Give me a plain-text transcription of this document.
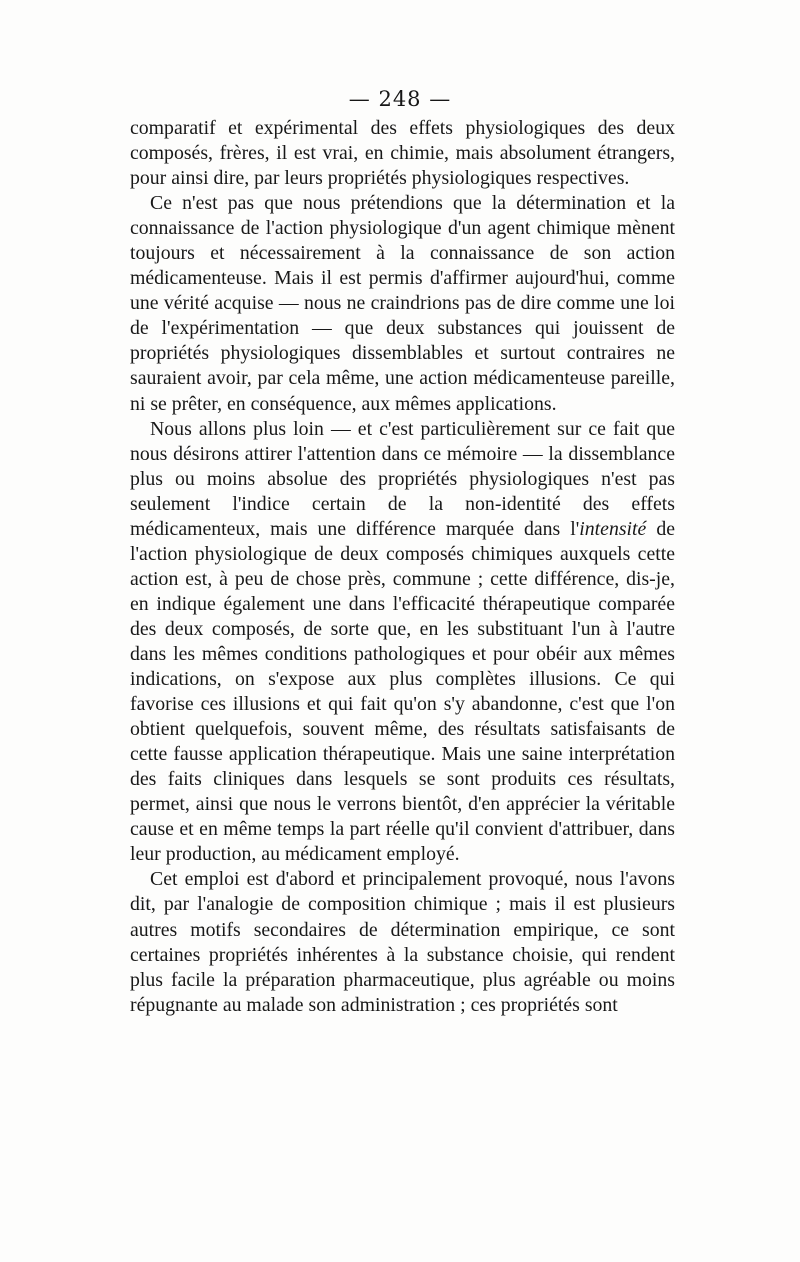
— 248 —

comparatif et expérimental des effets physiologiques des deux composés, frères, il est vrai, en chimie, mais absolument étrangers, pour ainsi dire, par leurs propriétés physiologiques respectives.

Ce n'est pas que nous prétendions que la détermination et la connaissance de l'action physiologique d'un agent chimique mènent toujours et nécessairement à la connaissance de son action médicamenteuse. Mais il est permis d'affirmer aujourd'hui, comme une vérité acquise — nous ne craindrions pas de dire comme une loi de l'expérimentation — que deux substances qui jouissent de propriétés physiologiques dissemblables et surtout contraires ne sauraient avoir, par cela même, une action médicamenteuse pareille, ni se prêter, en conséquence, aux mêmes applications.

Nous allons plus loin — et c'est particulièrement sur ce fait que nous désirons attirer l'attention dans ce mémoire — la dissemblance plus ou moins absolue des propriétés physiologiques n'est pas seulement l'indice certain de la non-identité des effets médicamenteux, mais une différence marquée dans l'intensité de l'action physiologique de deux composés chimiques auxquels cette action est, à peu de chose près, commune ; cette différence, dis-je, en indique également une dans l'efficacité thérapeutique comparée des deux composés, de sorte que, en les substituant l'un à l'autre dans les mêmes conditions pathologiques et pour obéir aux mêmes indications, on s'expose aux plus complètes illusions. Ce qui favorise ces illusions et qui fait qu'on s'y abandonne, c'est que l'on obtient quelquefois, souvent même, des résultats satisfaisants de cette fausse application thérapeutique. Mais une saine interprétation des faits cliniques dans lesquels se sont produits ces résultats, permet, ainsi que nous le verrons bientôt, d'en apprécier la véritable cause et en même temps la part réelle qu'il convient d'attribuer, dans leur production, au médicament employé.

Cet emploi est d'abord et principalement provoqué, nous l'avons dit, par l'analogie de composition chimique ; mais il est plusieurs autres motifs secondaires de détermination empirique, ce sont certaines propriétés inhérentes à la substance choisie, qui rendent plus facile la préparation pharmaceutique, plus agréable ou moins répugnante au malade son administration ; ces propriétés sont
